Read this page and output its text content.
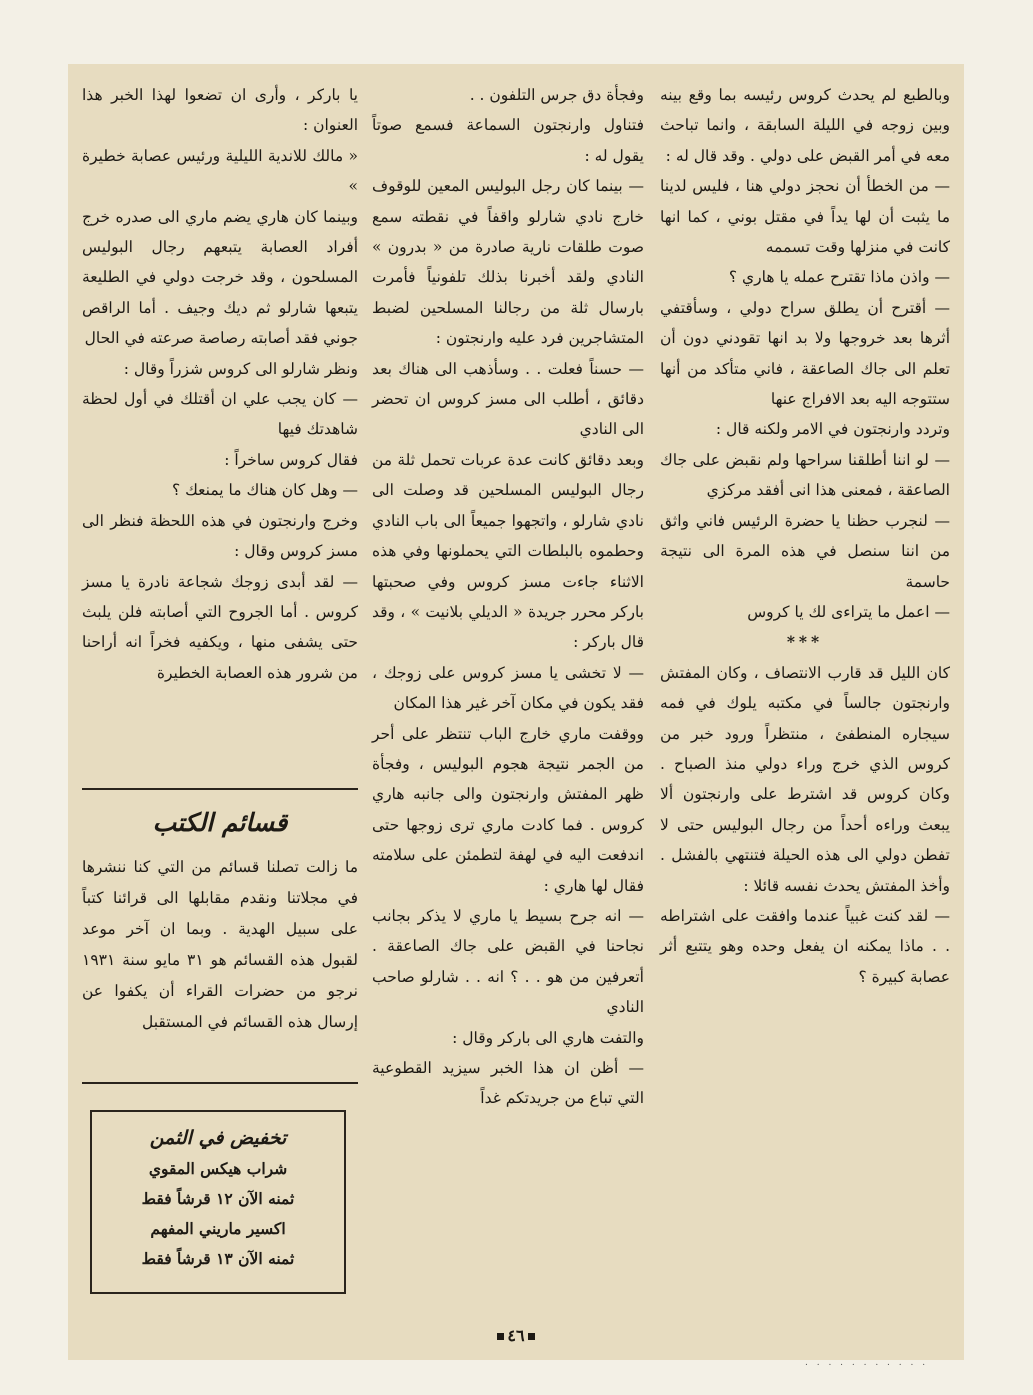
وبالطبع لم يحدث كروس رئيسه بما وقع بينه وبين زوجه في الليلة السابقة ، وانما تباحث معه في أمر القبض على دولي . وقد قال له :

— من الخطأ أن نحجز دولي هنا ، فليس لدينا ما يثبت أن لها يداً في مقتل بوني ، كما انها كانت في منزلها وقت تسممه

— واذن ماذا تقترح عمله يا هاري ؟

— أقترح أن يطلق سراح دولي ، وسأقتفي أثرها بعد خروجها ولا بد انها تقودني دون أن تعلم الى جاك الصاعقة ، فاني متأكد من أنها ستتوجه اليه بعد الافراج عنها

وتردد وارنجتون في الامر ولكنه قال :

— لو اننا أطلقنا سراحها ولم نقبض على جاك الصاعقة ، فمعنى هذا انى أفقد مركزي

— لنجرب حظنا يا حضرة الرئيس فاني واثق من اننا سنصل في هذه المرة الى نتيجة حاسمة

— اعمل ما يتراءى لك يا كروس

***

كان الليل قد قارب الانتصاف ، وكان المفتش وارنجتون جالساً في مكتبه يلوك في فمه سيجاره المنطفئ ، منتظراً ورود خبر من كروس الذي خرج وراء دولي منذ الصباح . وكان كروس قد اشترط على وارنجتون ألا يبعث وراءه أحداً من رجال البوليس حتى لا تفطن دولي الى هذه الحيلة فتنتهي بالفشل . وأخذ المفتش يحدث نفسه قائلا :

— لقد كنت غبياً عندما وافقت على اشتراطه . . ماذا يمكنه ان يفعل وحده وهو يتتبع أثر عصابة كبيرة ؟

وفجأة دق جرس التلفون . .

فتناول وارنجتون السماعة فسمع صوتاً يقول له :

— بينما كان رجل البوليس المعين للوقوف خارج نادي شارلو واقفاً في نقطته سمع صوت طلقات نارية صادرة من « بدرون » النادي ولقد أخبرنا بذلك تلفونياً فأمرت بارسال ثلة من رجالنا المسلحين لضبط المتشاجرين فرد عليه وارنجتون :

— حسناً فعلت . . وسأذهب الى هناك بعد دقائق ، أطلب الى مسز كروس ان تحضر الى النادي

وبعد دقائق كانت عدة عربات تحمل ثلة من رجال البوليس المسلحين قد وصلت الى نادي شارلو ، واتجهوا جميعاً الى باب النادي وحطموه بالبلطات التي يحملونها وفي هذه الاثناء جاءت مسز كروس وفي صحبتها باركر محرر جريدة « الديلي بلانيت » ، وقد قال باركر :

— لا تخشى يا مسز كروس على زوجك ، فقد يكون في مكان آخر غير هذا المكان

ووقفت ماري خارج الباب تنتظر على أحر من الجمر نتيجة هجوم البوليس ، وفجأة ظهر المفتش وارنجتون والى جانبه هاري كروس . فما كادت ماري ترى زوجها حتى اندفعت اليه في لهفة لتطمئن على سلامته فقال لها هاري :

— انه جرح بسيط يا ماري لا يذكر بجانب نجاحنا في القبض على جاك الصاعقة . أتعرفين من هو . . ؟ انه . . شارلو صاحب النادي

والتفت هاري الى باركر وقال :

— أظن ان هذا الخبر سيزيد القطوعية التي تباع من جريدتكم غداً

يا باركر ، وأرى ان تضعوا لهذا الخبر هذا العنوان :

« مالك للاندية الليلية ورئيس عصابة خطيرة »

وبينما كان هاري يضم ماري الى صدره خرج أفراد العصابة يتبعهم رجال البوليس المسلحون ، وقد خرجت دولي في الطليعة يتبعها شارلو ثم ديك وجيف . أما الراقص جوني فقد أصابته رصاصة صرعته في الحال

ونظر شارلو الى كروس شزراً وقال :

— كان يجب علي ان أقتلك في أول لحظة شاهدتك فيها

فقال كروس ساخراً :

— وهل كان هناك ما يمنعك ؟

وخرج وارنجتون في هذه اللحظة فنظر الى مسز كروس وقال :

— لقد أبدى زوجك شجاعة نادرة يا مسز كروس . أما الجروح التي أصابته فلن يلبث حتى يشفى منها ، ويكفيه فخراً انه أراحنا من شرور هذه العصابة الخطيرة

قسائم الكتب
ما زالت تصلنا قسائم من التي كنا ننشرها في مجلاتنا ونقدم مقابلها الى قرائنا كتباً على سبيل الهدية . وبما ان آخر موعد لقبول هذه القسائم هو ٣١ مايو سنة ١٩٣١ نرجو من حضرات القراء أن يكفوا عن إرسال هذه القسائم في المستقبل
تخفيض في الثمن
شراب هيكس المقوي
ثمنه الآن ١٢ قرشاً فقط
اكسير ماريني المفهم
ثمنه الآن ١٣ قرشاً فقط
٤٦
. . . . . . . . . . .
